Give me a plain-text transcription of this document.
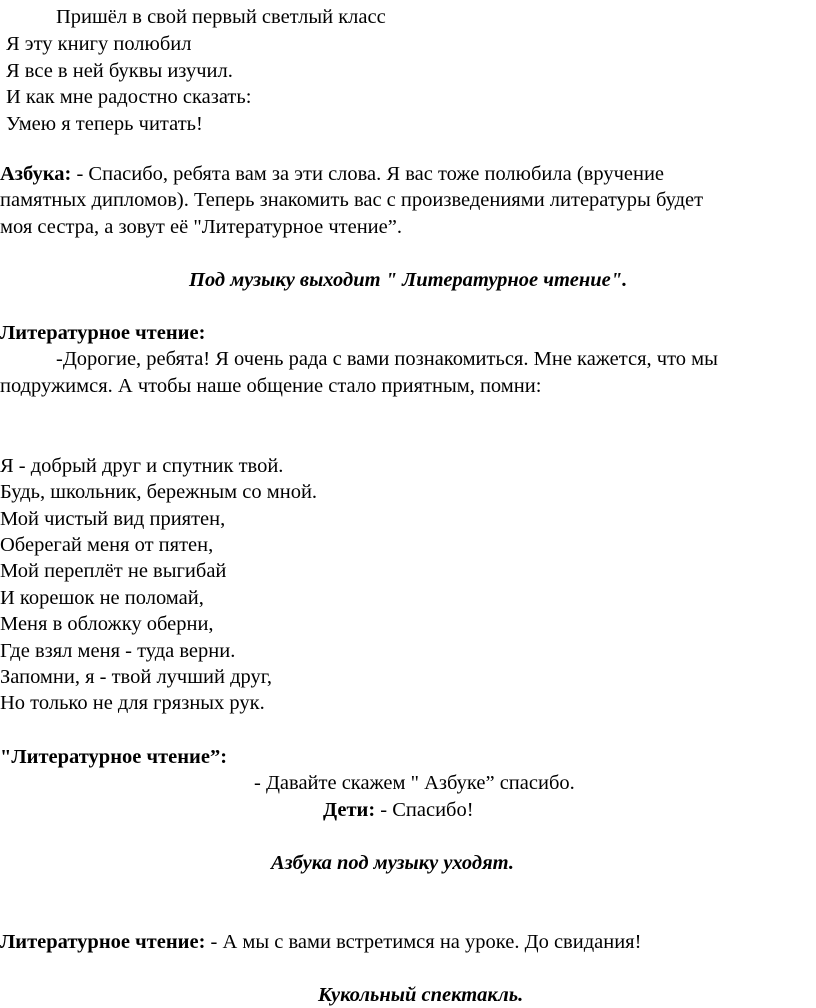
Пришёл в свой первый светлый класс
Я эту книгу полюбил
Я все в ней буквы изучил.
И как мне радостно сказать:
Умею я теперь читать!
Азбука: - Спасибо, ребята вам за эти слова. Я вас тоже полюбила (вручение
памятных дипломов). Теперь знакомить вас с произведениями литературы будет
моя сестра, а зовут её "Литературное чтение”.
Под музыку выходит " Литературное чтение".
Литературное чтение:
-Дорогие, ребята! Я очень рада с вами познакомиться. Мне кажется, что мы
подружимся. А чтобы наше общение стало приятным, помни:
Я - добрый друг и спутник твой.
Будь, школьник, бережным со мной.
Мой чистый вид приятен,
Оберегай меня от пятен,
Мой переплёт не выгибай
И корешок не поломай,
Меня в обложку оберни,
Где взял меня - туда верни.
Запомни, я - твой лучший друг,
Но только не для грязных рук.
"Литературное чтение”:
- Давайте скажем " Азбуке” спасибо.
Дети: - Спасибо!
Азбука под музыку уходят.
Литературное чтение: - А мы с вами встретимся на уроке. До свидания!
Кукольный спектакль.
